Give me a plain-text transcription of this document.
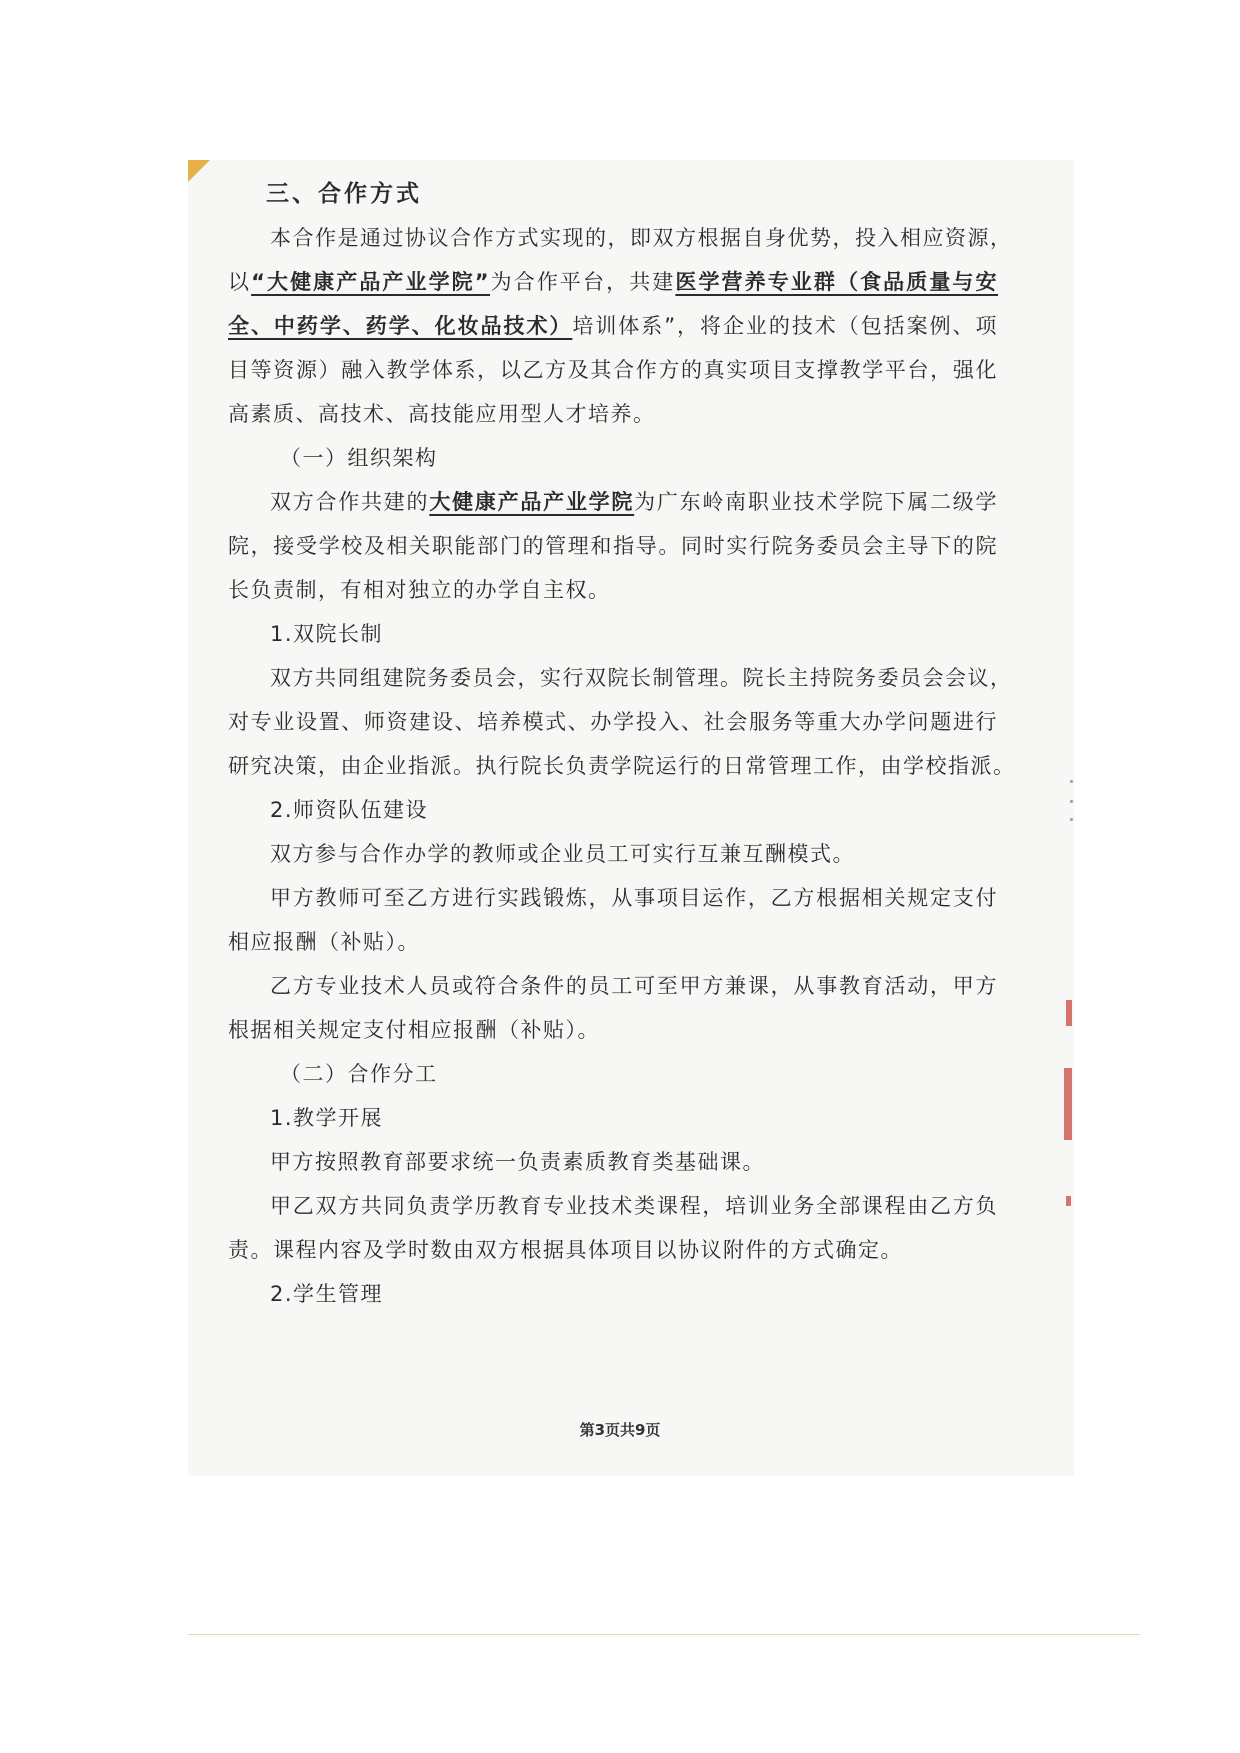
三、合作方式
本合作是通过协议合作方式实现的，即双方根据自身优势，投入相应资源，
以“大健康产品产业学院”为合作平台，共建医学营养专业群（食品质量与安
全、中药学、药学、化妆品技术）培训体系”，将企业的技术（包括案例、项
目等资源）融入教学体系，以乙方及其合作方的真实项目支撑教学平台，强化
高素质、高技术、高技能应用型人才培养。
（一）组织架构
双方合作共建的大健康产品产业学院为广东岭南职业技术学院下属二级学
院，接受学校及相关职能部门的管理和指导。同时实行院务委员会主导下的院
长负责制，有相对独立的办学自主权。
1.双院长制
双方共同组建院务委员会，实行双院长制管理。院长主持院务委员会会议，
对专业设置、师资建设、培养模式、办学投入、社会服务等重大办学问题进行
研究决策，由企业指派。执行院长负责学院运行的日常管理工作，由学校指派。
2.师资队伍建设
双方参与合作办学的教师或企业员工可实行互兼互酬模式。
甲方教师可至乙方进行实践锻炼，从事项目运作，乙方根据相关规定支付
相应报酬（补贴）。
乙方专业技术人员或符合条件的员工可至甲方兼课，从事教育活动，甲方
根据相关规定支付相应报酬（补贴）。
（二）合作分工
1.教学开展
甲方按照教育部要求统一负责素质教育类基础课。
甲乙双方共同负责学历教育专业技术类课程，培训业务全部课程由乙方负
责。课程内容及学时数由双方根据具体项目以协议附件的方式确定。
2.学生管理
第3页共9页
